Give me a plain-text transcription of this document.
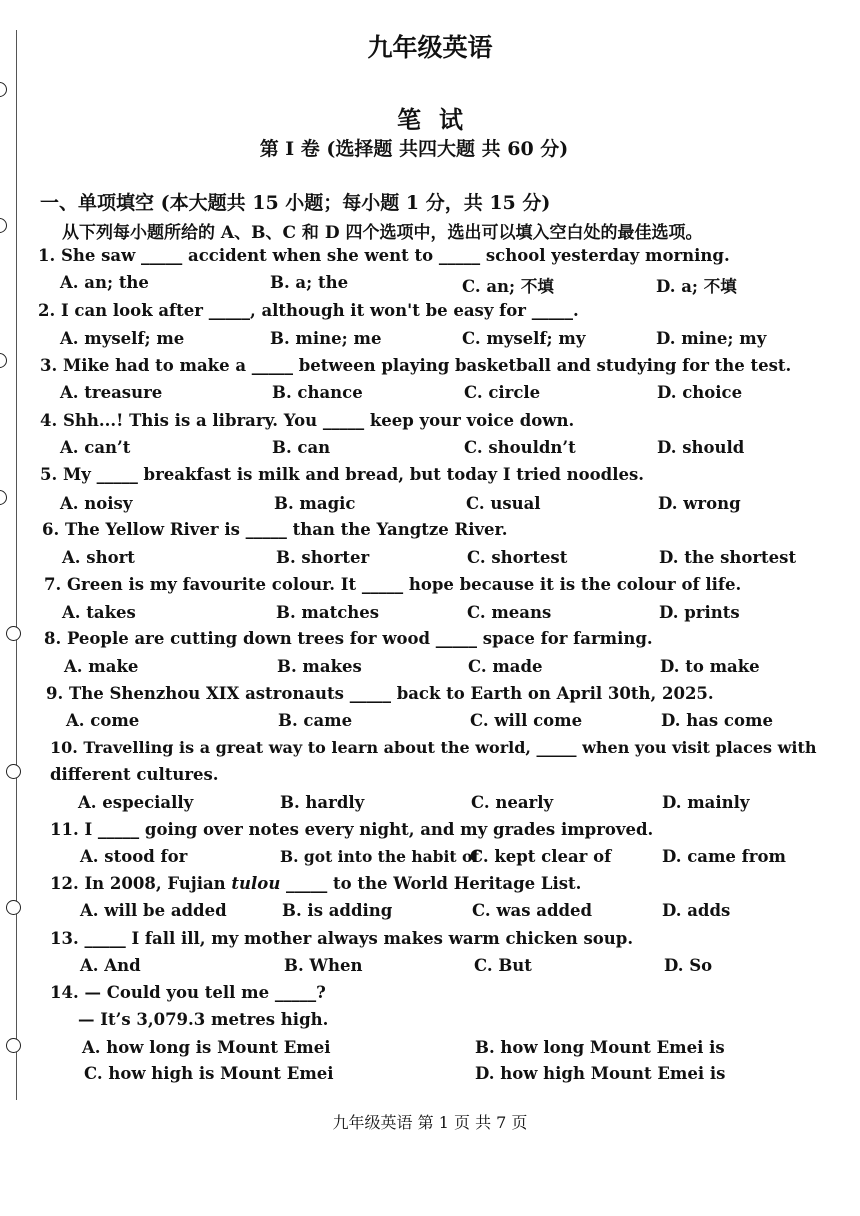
九年级英语
笔试
第 I 卷 (选择题 共四大题 共 60 分)
一、单项填空 (本大题共 15 小题；每小题 1 分，共 15 分)
从下列每小题所给的 A、B、C 和 D 四个选项中，选出可以填入空白处的最佳选项。
1. She saw _____ accident when she went to _____ school yesterday morning.
A. an; the	B. a; the	C. an; 不填	D. a; 不填
2. I can look after _____, although it won't be easy for _____.
A. myself; me	B. mine; me	C. myself; my	D. mine; my
3. Mike had to make a _____ between playing basketball and studying for the test.
A. treasure	B. chance	C. circle	D. choice
4. Shh...! This is a library. You _____ keep your voice down.
A. can’t	B. can	C. shouldn’t	D. should
5. My _____ breakfast is milk and bread, but today I tried noodles.
A. noisy	B. magic	C. usual	D. wrong
6. The Yellow River is _____ than the Yangtze River.
A. short	B. shorter	C. shortest	D. the shortest
7. Green is my favourite colour. It _____ hope because it is the colour of life.
A. takes	B. matches	C. means	D. prints
8. People are cutting down trees for wood _____ space for farming.
A. make	B. makes	C. made	D. to make
9. The Shenzhou XIX astronauts _____ back to Earth on April 30th, 2025.
A. come	B. came	C. will come	D. has come
10. Travelling is a great way to learn about the world, _____ when you visit places with
different cultures.
A. especially	B. hardly	C. nearly	D. mainly
11. I _____ going over notes every night, and my grades improved.
A. stood for	B. got into the habit of
C. kept clear of	D. came from
12. In 2008, Fujian tulou _____ to the World Heritage List.
A. will be added	B. is adding	C. was added	D. adds
13. _____ I fall ill, my mother always makes warm chicken soup.
A. And	B. When	C. But	D. So
14. — Could you tell me _____?
— It’s 3,079.3 metres high.
A. how long is Mount Emei	B. how long Mount Emei is
C. how high is Mount Emei	D. how high Mount Emei is
九年级英语 第 1 页 共 7 页
